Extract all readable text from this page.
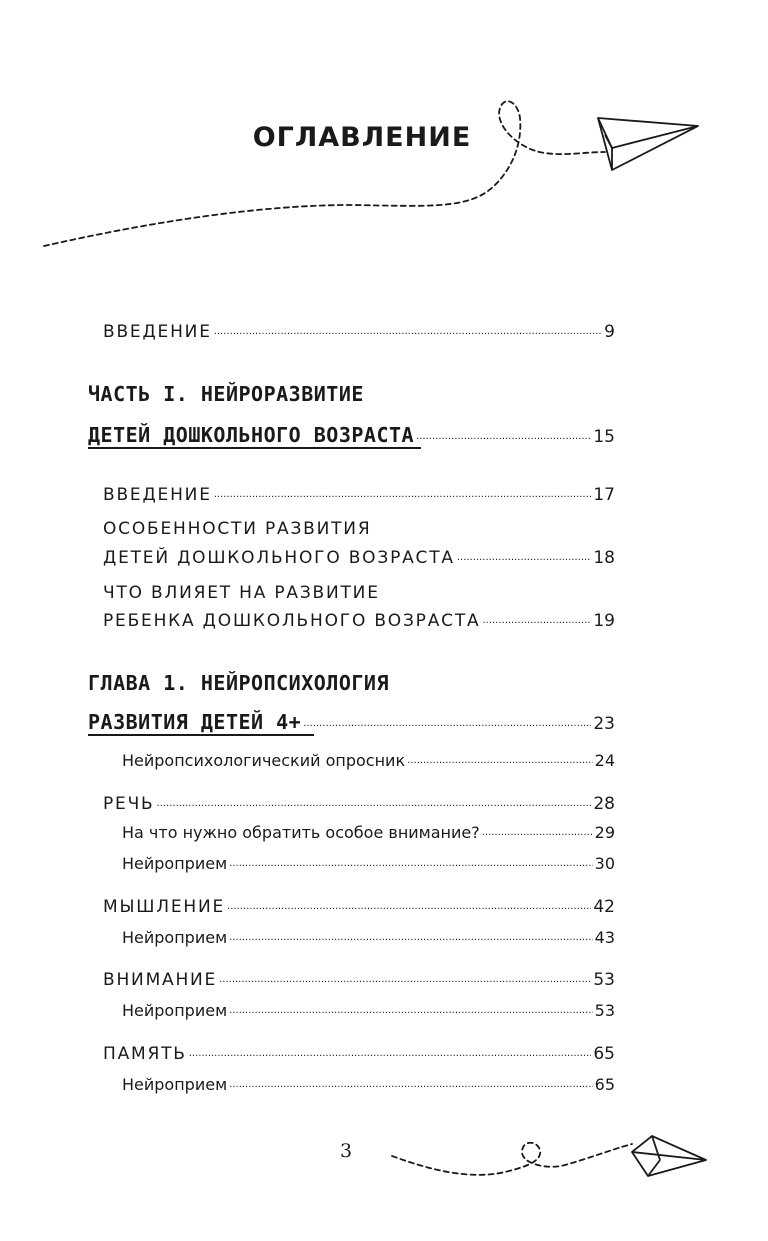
ОГЛАВЛЕНИЕ
ВВЕДЕНИЕ .....	9
ЧАСТЬ I. НЕЙРОРАЗВИТИЕ
ДЕТЕЙ ДОШКОЛЬНОГО ВОЗРАСТА .....	15
ВВЕДЕНИЕ .....	17
ОСОБЕННОСТИ РАЗВИТИЯ
ДЕТЕЙ ДОШКОЛЬНОГО ВОЗРАСТА .....	18
ЧТО ВЛИЯЕТ НА РАЗВИТИЕ
РЕБЕНКА ДОШКОЛЬНОГО ВОЗРАСТА .....	19
ГЛАВА 1. НЕЙРОПСИХОЛОГИЯ
РАЗВИТИЯ ДЕТЕЙ 4+ .....	23
Нейропсихологический опросник .....	24
РЕЧЬ .....	28
На что нужно обратить особое внимание? .....	29
Нейроприем .....	30
МЫШЛЕНИЕ .....	42
Нейроприем .....	43
ВНИМАНИЕ .....	53
Нейроприем .....	53
ПАМЯТЬ .....	65
Нейроприем .....	65
3
